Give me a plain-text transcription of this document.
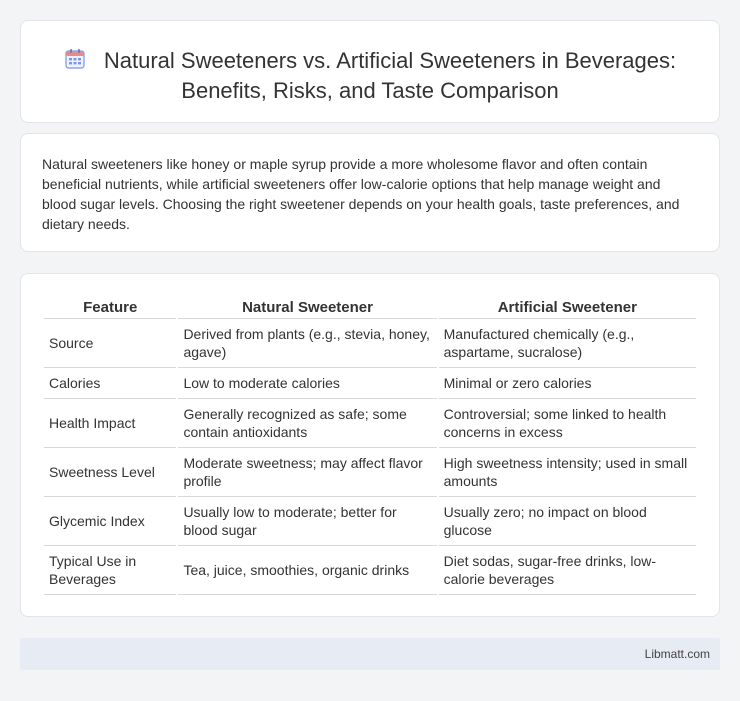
Natural Sweeteners vs. Artificial Sweeteners in Beverages: Benefits, Risks, and Taste Comparison

Natural sweeteners like honey or maple syrup provide a more wholesome flavor and often contain beneficial nutrients, while artificial sweeteners offer low-calorie options that help manage weight and blood sugar levels. Choosing the right sweetener depends on your health goals, taste preferences, and dietary needs.

Feature	Natural Sweetener	Artificial Sweetener
Source	Derived from plants (e.g., stevia, honey, agave)	Manufactured chemically (e.g., aspartame, sucralose)
Calories	Low to moderate calories	Minimal or zero calories
Health Impact	Generally recognized as safe; some contain antioxidants	Controversial; some linked to health concerns in excess
Sweetness Level	Moderate sweetness; may affect flavor profile	High sweetness intensity; used in small amounts
Glycemic Index	Usually low to moderate; better for blood sugar	Usually zero; no impact on blood glucose
Typical Use in Beverages	Tea, juice, smoothies, organic drinks	Diet sodas, sugar-free drinks, low-calorie beverages
Libmatt.com
